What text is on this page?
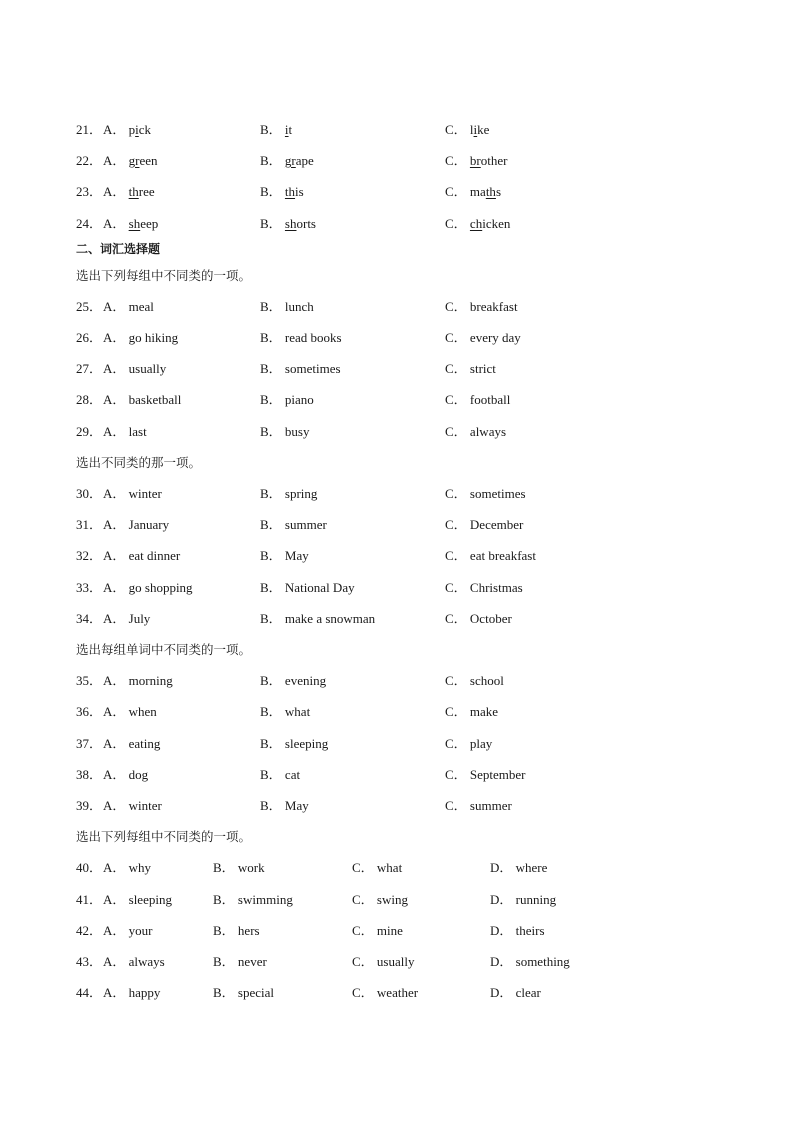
21． A． pick	B． it	C． like
22． A． green	B． grape	C． brother
23． A． three	B． this	C． maths
24． A． sheep	B． shorts	C． chicken
二、词汇选择题
选出下列每组中不同类的一项。
25． A． meal	B． lunch	C． breakfast
26． A． go hiking	B． read books	C． every day
27． A． usually	B． sometimes	C． strict
28． A． basketball	B． piano	C． football
29． A． last	B． busy	C． always
选出不同类的那一项。
30． A． winter	B． spring	C． sometimes
31． A． January	B． summer	C． December
32． A． eat dinner	B． May	C． eat breakfast
33． A． go shopping	B． National Day	C． Christmas
34． A． July	B． make a snowman	C． October
选出每组单词中不同类的一项。
35． A． morning	B． evening	C． school
36． A． when	B． what	C． make
37． A． eating	B． sleeping	C． play
38． A． dog	B． cat	C． September
39． A． winter	B． May	C． summer
选出下列每组中不同类的一项。
40． A． why	B． work	C． what	D． where
41． A． sleeping	B． swimming	C． swing	D． running
42． A． your	B． hers	C． mine	D． theirs
43． A． always	B． never	C． usually	D． something
44． A． happy	B． special	C． weather	D． clear
